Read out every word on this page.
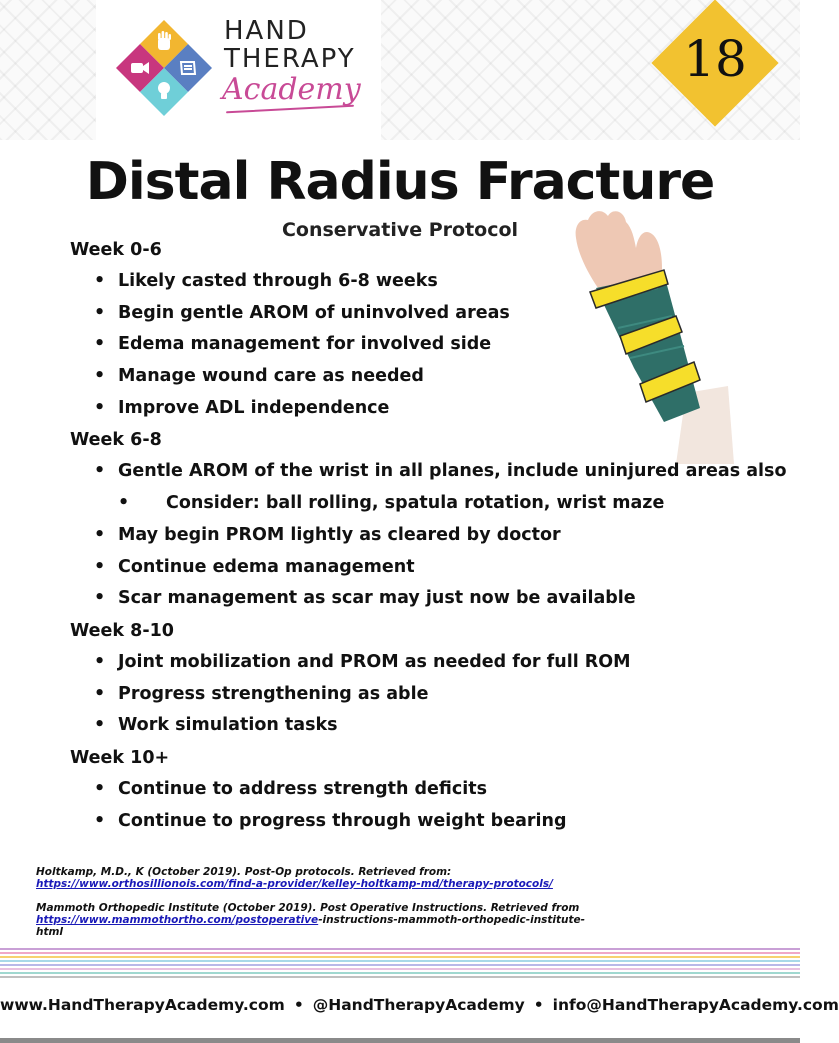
HAND
THERAPY
Academy
18
Distal Radius Fracture
Conservative Protocol
Week 0-6
• Likely casted through 6-8 weeks
• Begin gentle AROM of uninvolved areas
• Edema management for involved side
• Manage wound care as needed
• Improve ADL independence
Week 6-8
• Gentle AROM of the wrist in all planes, include uninjured areas also
• Consider: ball rolling, spatula rotation, wrist maze
• May begin PROM lightly as cleared by doctor
• Continue edema management
• Scar management as scar may just now be available
Week 8-10
• Joint mobilization and PROM as needed for full ROM
• Progress strengthening as able
• Work simulation tasks
Week 10+
• Continue to address strength deficits
• Continue to progress through weight bearing
Holtkamp, M.D., K (October 2019). Post-Op protocols. Retrieved from: https://www.orthosillionois.com/find-a-provider/kelley-holtkamp-md/therapy-protocols/
Mammoth Orthopedic Institute (October 2019). Post Operative Instructions. Retrieved from https://www.mammothortho.com/postoperative-instructions-mammoth-orthopedic-institute-html
www.HandTherapyAcademy.com • @HandTherapyAcademy • info@HandTherapyAcademy.com
